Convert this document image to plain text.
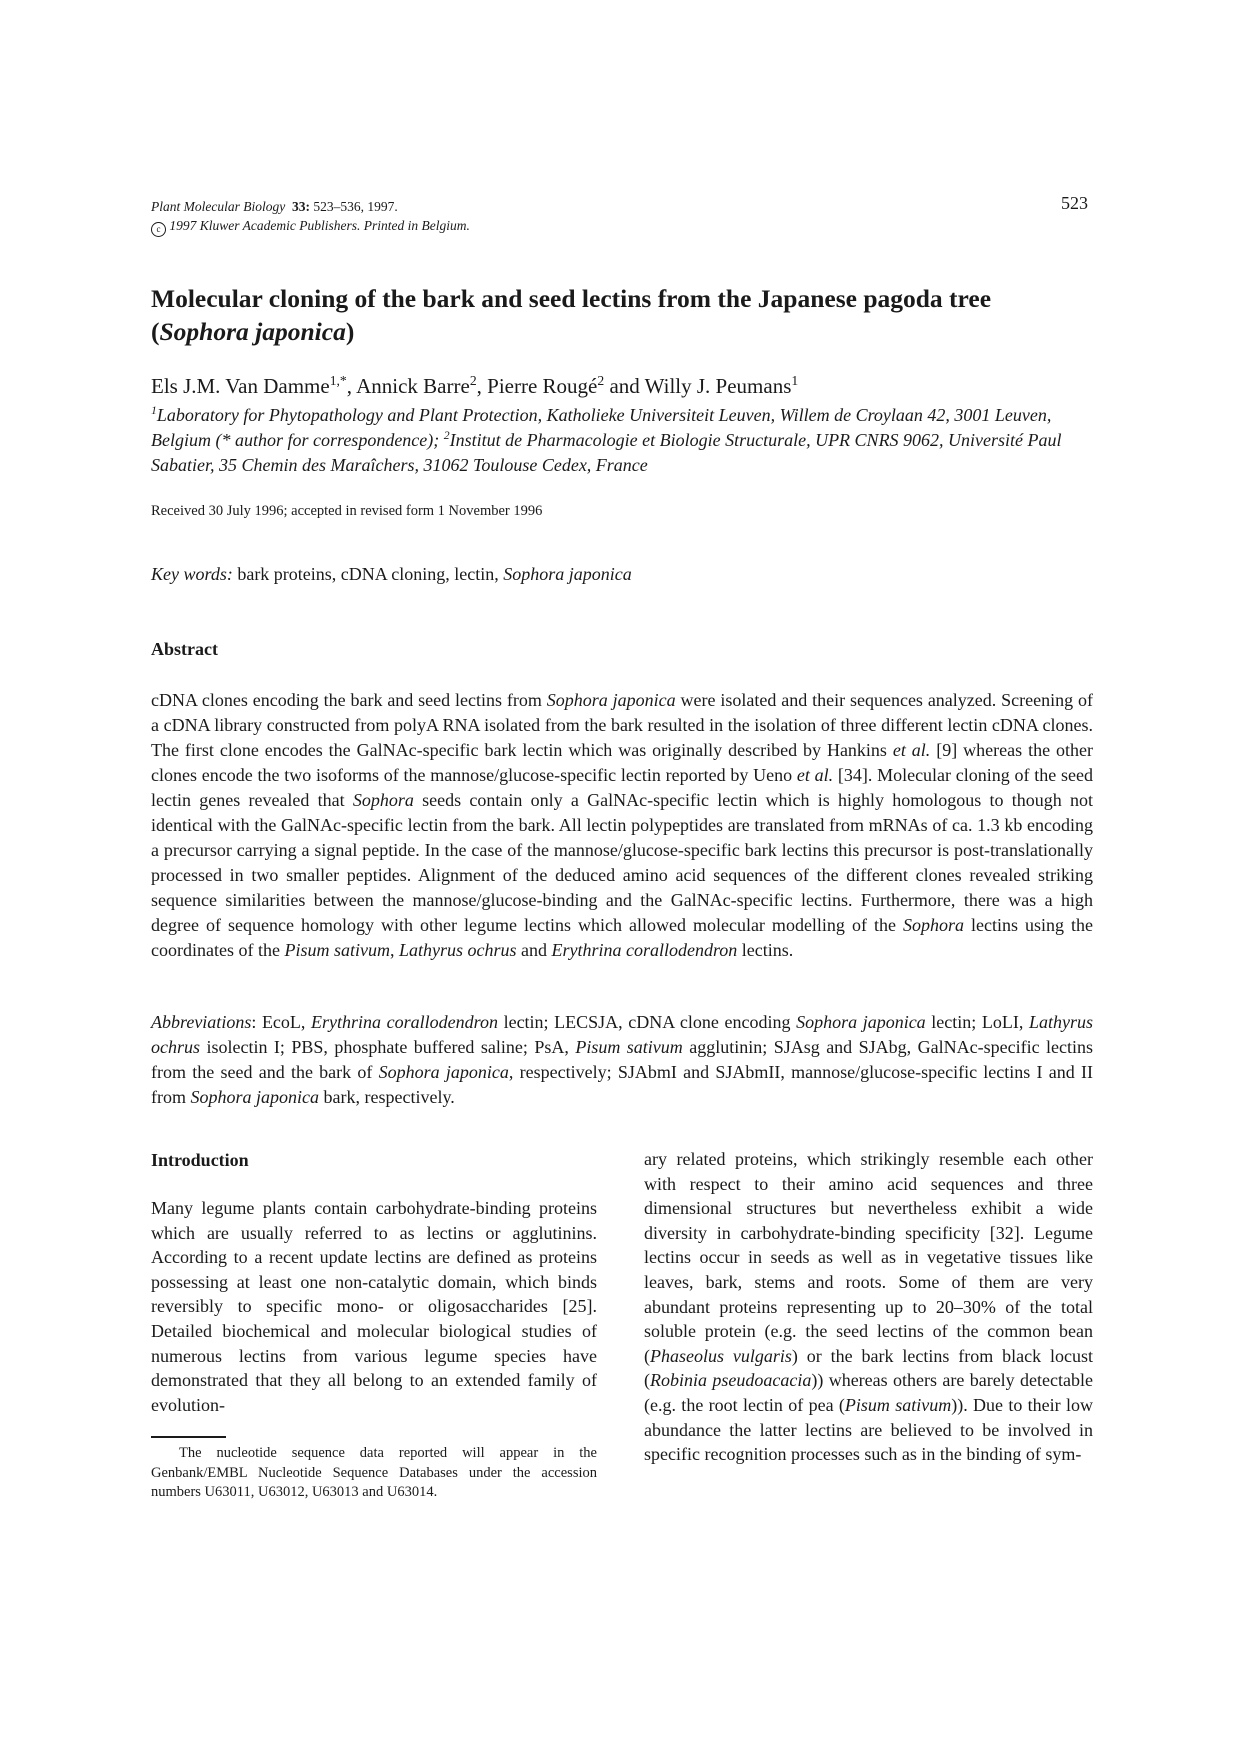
Plant Molecular Biology 33: 523–536, 1997.
c 1997 Kluwer Academic Publishers. Printed in Belgium.
523
Molecular cloning of the bark and seed lectins from the Japanese pagoda tree (Sophora japonica)
Els J.M. Van Damme$^{1,*}$, Annick Barre$^2$, Pierre Rougé$^2$ and Willy J. Peumans$^1$
$^1$Laboratory for Phytopathology and Plant Protection, Katholieke Universiteit Leuven, Willem de Croylaan 42, 3001 Leuven, Belgium (* author for correspondence); $^2$Institut de Pharmacologie et Biologie Structurale, UPR CNRS 9062, Université Paul Sabatier, 35 Chemin des Maraîchers, 31062 Toulouse Cedex, France
Received 30 July 1996; accepted in revised form 1 November 1996
Key words: bark proteins, cDNA cloning, lectin, Sophora japonica
Abstract
cDNA clones encoding the bark and seed lectins from Sophora japonica were isolated and their sequences analyzed. Screening of a cDNA library constructed from polyA RNA isolated from the bark resulted in the isolation of three different lectin cDNA clones. The first clone encodes the GalNAc-specific bark lectin which was originally described by Hankins et al. [9] whereas the other clones encode the two isoforms of the mannose/glucose-specific lectin reported by Ueno et al. [34]. Molecular cloning of the seed lectin genes revealed that Sophora seeds contain only a GalNAc-specific lectin which is highly homologous to though not identical with the GalNAc-specific lectin from the bark. All lectin polypeptides are translated from mRNAs of ca. 1.3 kb encoding a precursor carrying a signal peptide. In the case of the mannose/glucose-specific bark lectins this precursor is post-translationally processed in two smaller peptides. Alignment of the deduced amino acid sequences of the different clones revealed striking sequence similarities between the mannose/glucose-binding and the GalNAc-specific lectins. Furthermore, there was a high degree of sequence homology with other legume lectins which allowed molecular modelling of the Sophora lectins using the coordinates of the Pisum sativum, Lathyrus ochrus and Erythrina corallodendron lectins.
Abbreviations: EcoL, Erythrina corallodendron lectin; LECSJA, cDNA clone encoding Sophora japonica lectin; LoLI, Lathyrus ochrus isolectin I; PBS, phosphate buffered saline; PsA, Pisum sativum agglutinin; SJAsg and SJAbg, GalNAc-specific lectins from the seed and the bark of Sophora japonica, respectively; SJAbmI and SJAbmII, mannose/glucose-specific lectins I and II from Sophora japonica bark, respectively.
Introduction
Many legume plants contain carbohydrate-binding proteins which are usually referred to as lectins or agglutinins. According to a recent update lectins are defined as proteins possessing at least one non-catalytic domain, which binds reversibly to specific mono- or oligosaccharides [25]. Detailed biochemical and molecular biological studies of numerous lectins from various legume species have demonstrated that they all belong to an extended family of evolution-
The nucleotide sequence data reported will appear in the Genbank/EMBL Nucleotide Sequence Databases under the accession numbers U63011, U63012, U63013 and U63014.
ary related proteins, which strikingly resemble each other with respect to their amino acid sequences and three dimensional structures but nevertheless exhibit a wide diversity in carbohydrate-binding specificity [32]. Legume lectins occur in seeds as well as in vegetative tissues like leaves, bark, stems and roots. Some of them are very abundant proteins representing up to 20–30% of the total soluble protein (e.g. the seed lectins of the common bean (Phaseolus vulgaris) or the bark lectins from black locust (Robinia pseudoacacia)) whereas others are barely detectable (e.g. the root lectin of pea (Pisum sativum)). Due to their low abundance the latter lectins are believed to be involved in specific recognition processes such as in the binding of sym-
